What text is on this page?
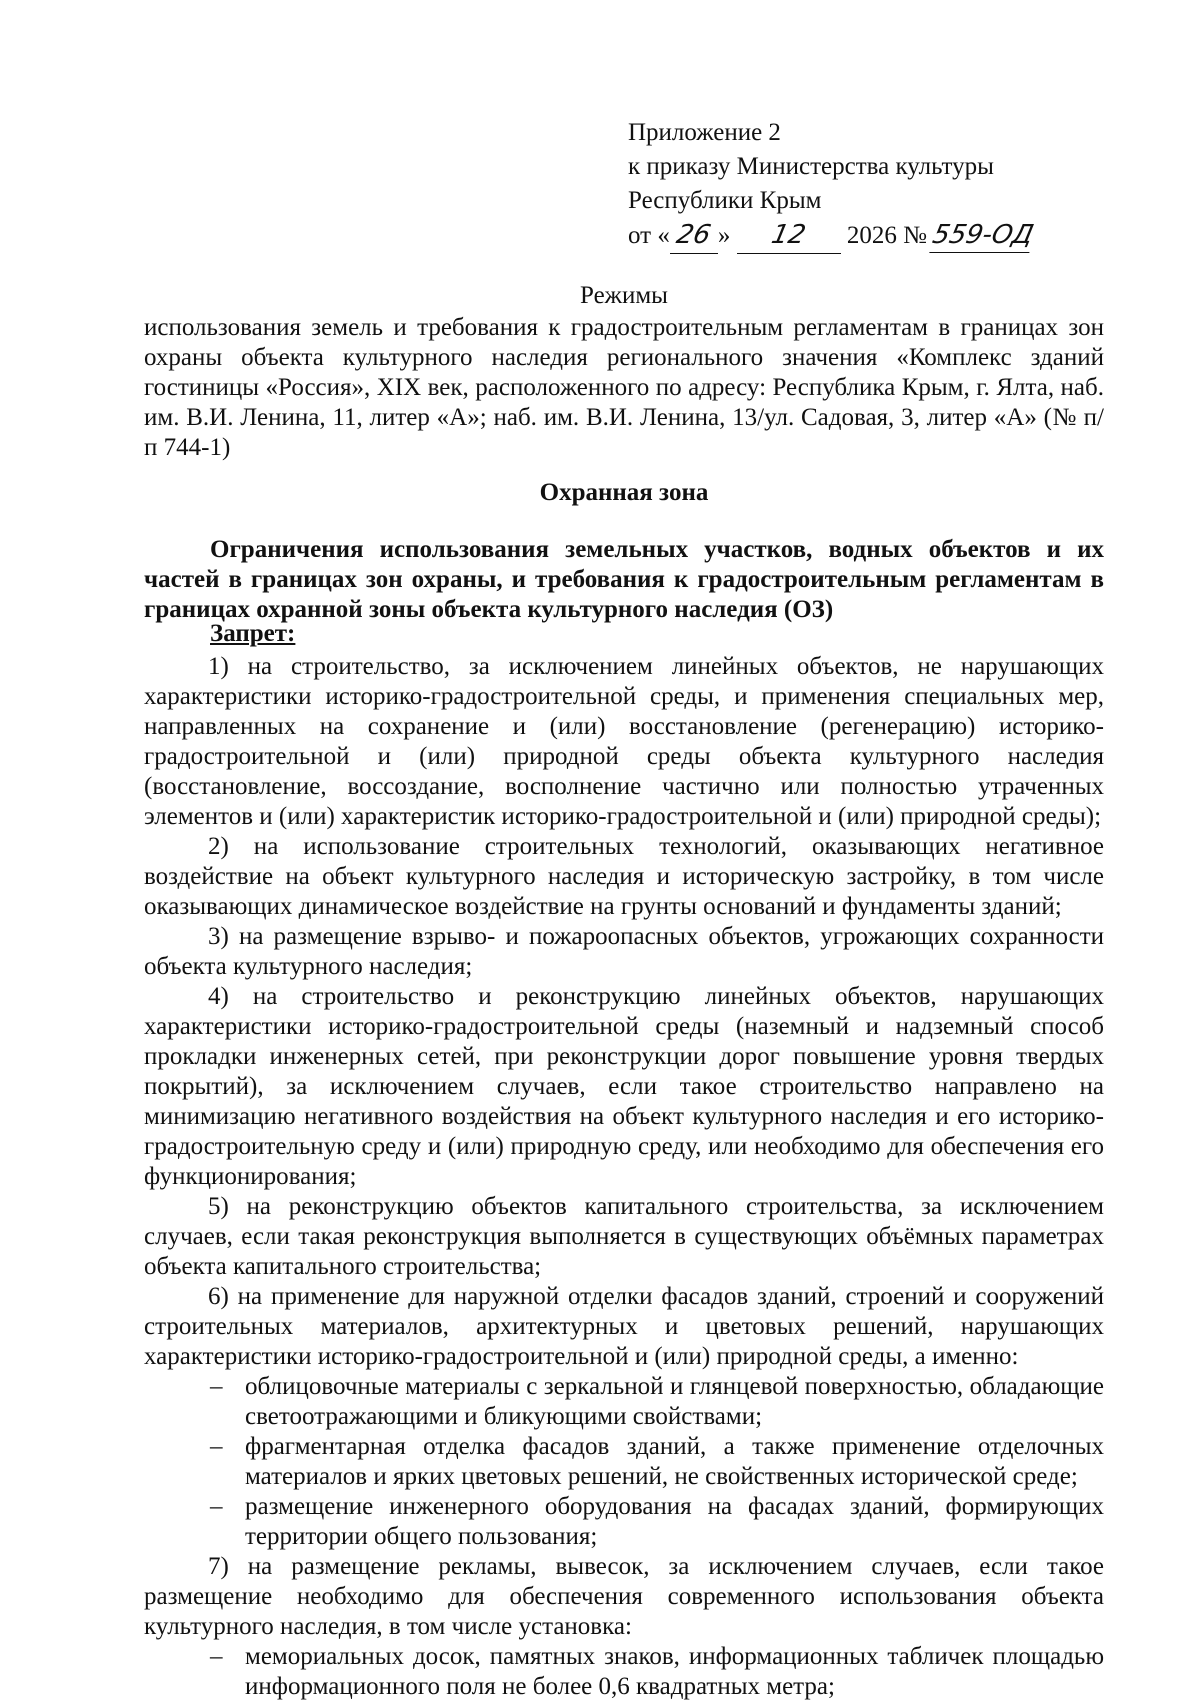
Приложение 2
к приказу Министерства культуры
Республики Крым
от « 26 » 12 2026 № 559-ОД
Режимы
использования земель и требования к градостроительным регламентам в границах зон охраны объекта культурного наследия регионального значения «Комплекс зданий гостиницы «Россия», XIX век, расположенного по адресу: Республика Крым, г. Ялта, наб. им. В.И. Ленина, 11, литер «А»; наб. им. В.И. Ленина, 13/ул. Садовая, 3, литер «А» (№ п/п 744-1)
Охранная зона
Ограничения использования земельных участков, водных объектов и их частей в границах зон охраны, и требования к градостроительным регламентам в границах охранной зоны объекта культурного наследия (ОЗ)
Запрет:

1) на строительство, за исключением линейных объектов, не нарушающих характеристики историко-градостроительной среды, и применения специальных мер, направленных на сохранение и (или) восстановление (регенерацию) историко-градостроительной и (или) природной среды объекта культурного наследия (восстановление, воссоздание, восполнение частично или полностью утраченных элементов и (или) характеристик историко-градостроительной и (или) природной среды);

2) на использование строительных технологий, оказывающих негативное воздействие на объект культурного наследия и историческую застройку, в том числе оказывающих динамическое воздействие на грунты оснований и фундаменты зданий;

3) на размещение взрыво- и пожароопасных объектов, угрожающих сохранности объекта культурного наследия;

4) на строительство и реконструкцию линейных объектов, нарушающих характеристики историко-градостроительной среды (наземный и надземный способ прокладки инженерных сетей, при реконструкции дорог повышение уровня твердых покрытий), за исключением случаев, если такое строительство направлено на минимизацию негативного воздействия на объект культурного наследия и его историко-градостроительную среду и (или) природную среду, или необходимо для обеспечения его функционирования;

5) на реконструкцию объектов капитального строительства, за исключением случаев, если такая реконструкция выполняется в существующих объёмных параметрах объекта капитального строительства;

6) на применение для наружной отделки фасадов зданий, строений и сооружений строительных материалов, архитектурных и цветовых решений, нарушающих характеристики историко-градостроительной и (или) природной среды, а именно:

– облицовочные материалы с зеркальной и глянцевой поверхностью, обладающие светоотражающими и бликующими свойствами;
– фрагментарная отделка фасадов зданий, а также применение отделочных материалов и ярких цветовых решений, не свойственных исторической среде;
– размещение инженерного оборудования на фасадах зданий, формирующих территории общего пользования;

7) на размещение рекламы, вывесок, за исключением случаев, если такое размещение необходимо для обеспечения современного использования объекта культурного наследия, в том числе установка:

– мемориальных досок, памятных знаков, информационных табличек площадью информационного поля не более 0,6 квадратных метра;
